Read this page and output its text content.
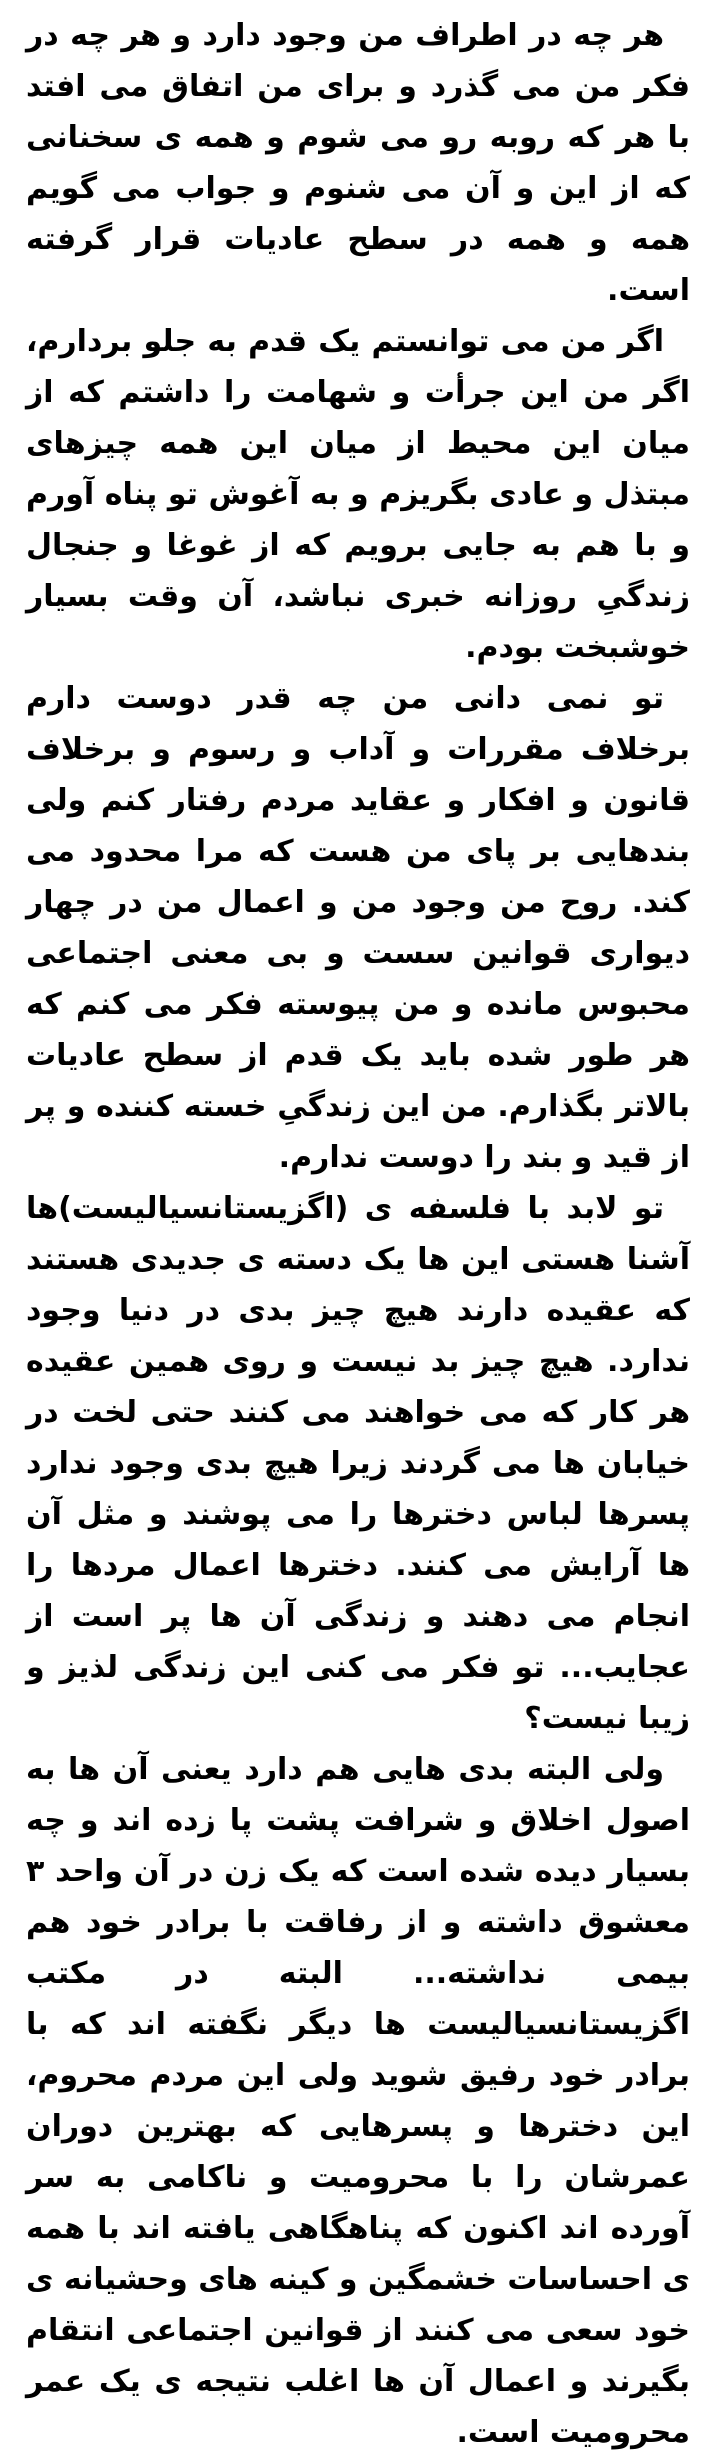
هر چه در اطراف من وجود دارد و هر چه در فکر من می گذرد و برای من اتفاق می افتد با هر که روبه رو می شوم و همه ی سخنانی که از این و آن می شنوم و جواب می گویم همه و همه در سطح عادیات قرار گرفته است.

اگر من می توانستم یک قدم به جلو بردارم، اگر من این جرأت و شهامت را داشتم که از میان این محیط از میان این همه چیزهای مبتذل و عادی بگریزم و به آغوش تو پناه آورم و با هم به جایی برویم که از غوغا و جنجال زندگیِ روزانه خبری نباشد، آن وقت بسیار خوشبخت بودم.

تو نمی دانی من چه قدر دوست دارم برخلاف مقررات و آداب و رسوم و برخلاف قانون و افکار و عقاید مردم رفتار کنم ولی بندهایی بر پای من هست که مرا محدود می کند. روح من وجود من و اعمال من در چهار دیواری قوانین سست و بی معنی اجتماعی محبوس مانده و من پیوسته فکر می کنم که هر طور شده باید یک قدم از سطح عادیات بالاتر بگذارم. من این زندگیِ خسته کننده و پر از قید و بند را دوست ندارم.

تو لابد با فلسفه ی (اگزیستانسیالیست)ها آشنا هستی این ها یک دسته ی جدیدی هستند که عقیده دارند هیچ چیز بدی در دنیا وجود ندارد. هیچ چیز بد نیست و روی همین عقیده هر کار که می خواهند می کنند حتی لخت در خیابان ها می گردند زیرا هیچ بدی وجود ندارد پسرها لباس دخترها را می پوشند و مثل آن ها آرایش می کنند. دخترها اعمال مردها را انجام می دهند و زندگی آن ها پر است از عجایب... تو فکر می کنی این زندگی لذیز و زیبا نیست؟

ولی البته بدی هایی هم دارد یعنی آن ها به اصول اخلاق و شرافت پشت پا زده اند و چه بسیار دیده شده است که یک زن در آن واحد ۳ معشوق داشته و از رفاقت با برادر خود هم بیمی نداشته... البته در مکتب اگزیستانسیالیست ها دیگر نگفته اند که با برادر خود رفیق شوید ولی این مردم محروم، این دخترها و پسرهایی که بهترین دوران عمرشان را با محرومیت و ناکامی به سر آورده اند اکنون که پناهگاهی یافته اند با همه ی احساسات خشمگین و کینه های وحشیانه ی خود سعی می کنند از قوانین اجتماعی انتقام بگیرند و اعمال آن ها اغلب نتیجه ی یک عمر محرومیت است.
